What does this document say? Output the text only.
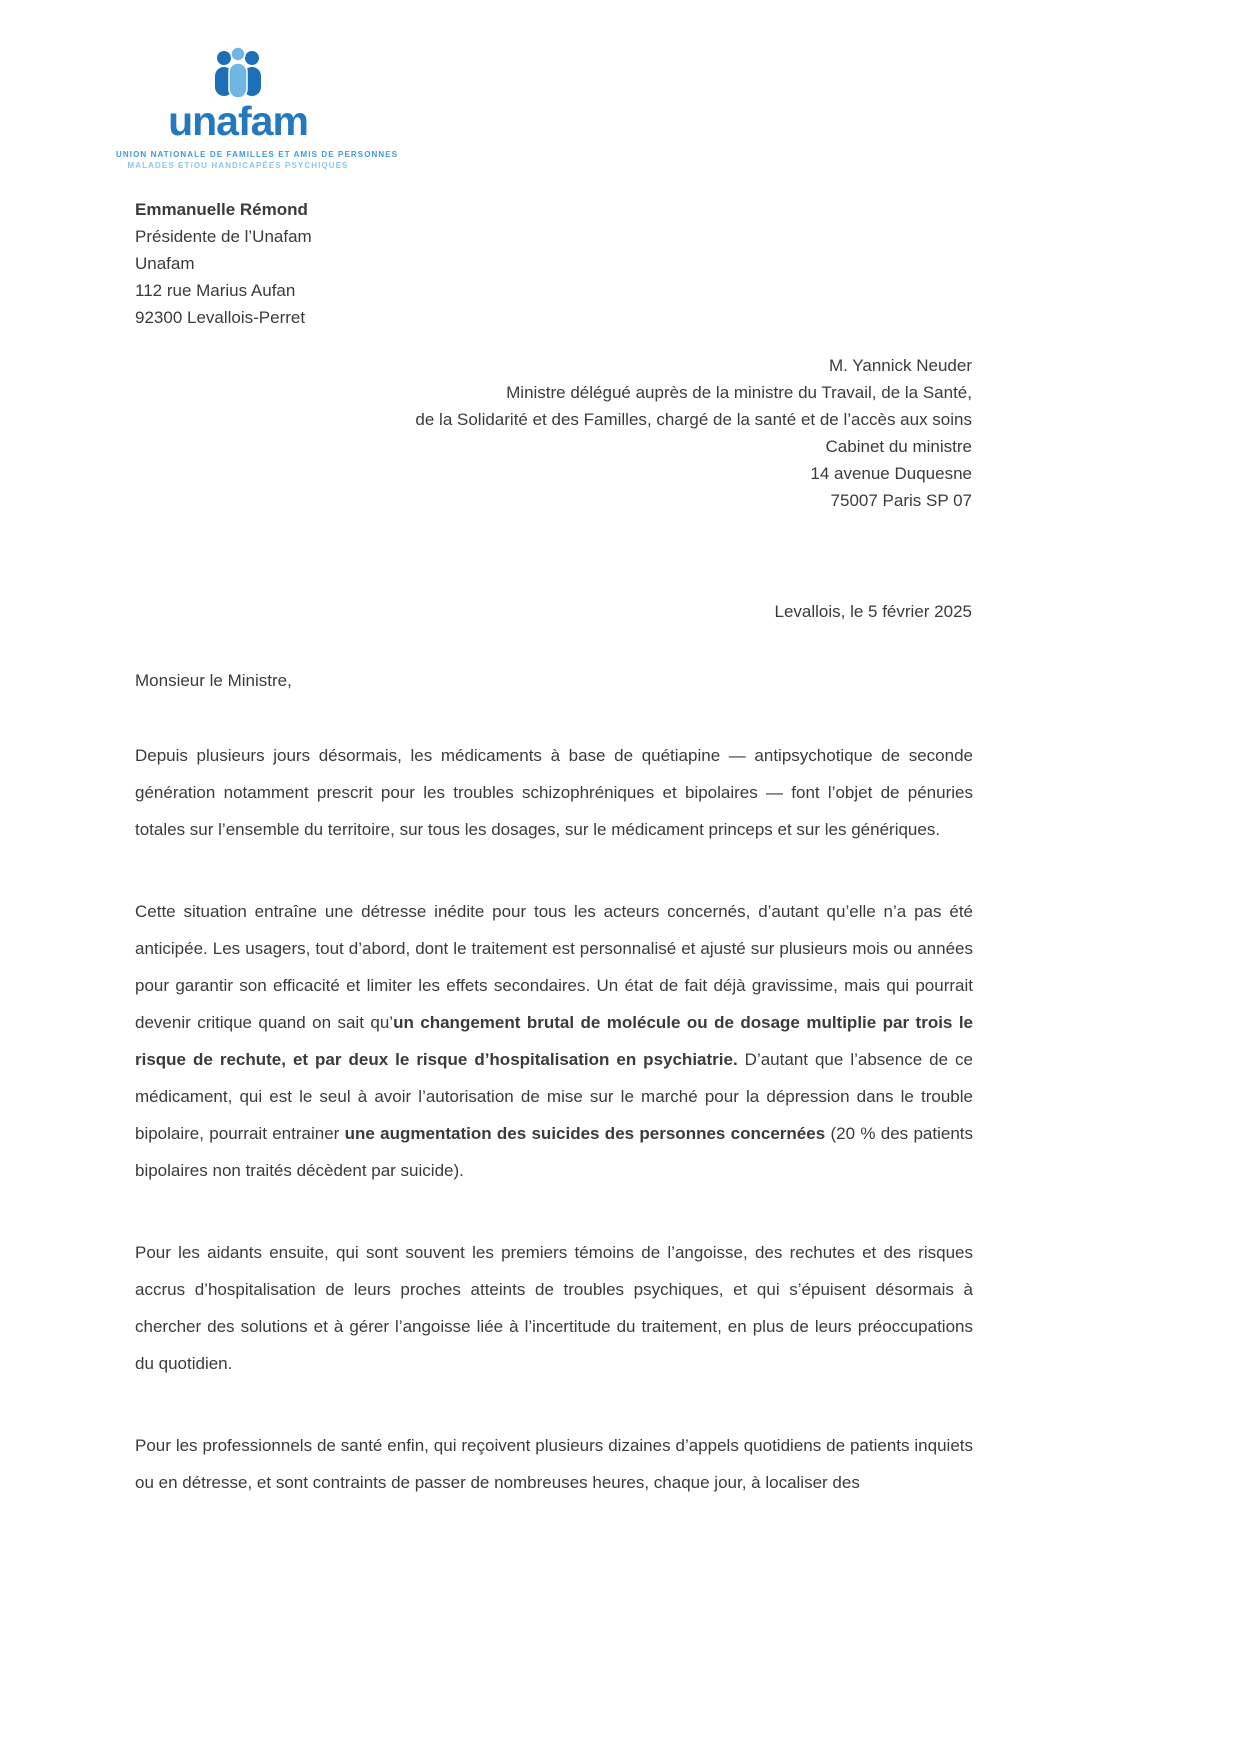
unafam
UNION NATIONALE DE FAMILLES ET AMIS DE PERSONNES
MALADES ET/OU HANDICAPÉES PSYCHIQUES
Emmanuelle Rémond
Présidente de l’Unafam
Unafam
112 rue Marius Aufan
92300 Levallois-Perret
M. Yannick Neuder
Ministre délégué auprès de la ministre du Travail, de la Santé,
de la Solidarité et des Familles, chargé de la santé et de l’accès aux soins
Cabinet du ministre
14 avenue Duquesne
75007 Paris SP 07
Levallois, le 5 février 2025

Monsieur le Ministre,

Depuis plusieurs jours désormais, les médicaments à base de quétiapine — antipsychotique de seconde génération notamment prescrit pour les troubles schizophréniques et bipolaires — font l’objet de pénuries totales sur l’ensemble du territoire, sur tous les dosages, sur le médicament princeps et sur les génériques.

Cette situation entraîne une détresse inédite pour tous les acteurs concernés, d’autant qu’elle n’a pas été anticipée. Les usagers, tout d’abord, dont le traitement est personnalisé et ajusté sur plusieurs mois ou années pour garantir son efficacité et limiter les effets secondaires. Un état de fait déjà gravissime, mais qui pourrait devenir critique quand on sait qu’un changement brutal de molécule ou de dosage multiplie par trois le risque de rechute, et par deux le risque d’hospitalisation en psychiatrie. D’autant que l’absence de ce médicament, qui est le seul à avoir l’autorisation de mise sur le marché pour la dépression dans le trouble bipolaire, pourrait entrainer une augmentation des suicides des personnes concernées (20 % des patients bipolaires non traités décèdent par suicide).

Pour les aidants ensuite, qui sont souvent les premiers témoins de l’angoisse, des rechutes et des risques accrus d’hospitalisation de leurs proches atteints de troubles psychiques, et qui s’épuisent désormais à chercher des solutions et à gérer l’angoisse liée à l’incertitude du traitement, en plus de leurs préoccupations du quotidien.

Pour les professionnels de santé enfin, qui reçoivent plusieurs dizaines d’appels quotidiens de patients inquiets ou en détresse, et sont contraints de passer de nombreuses heures, chaque jour, à localiser des
